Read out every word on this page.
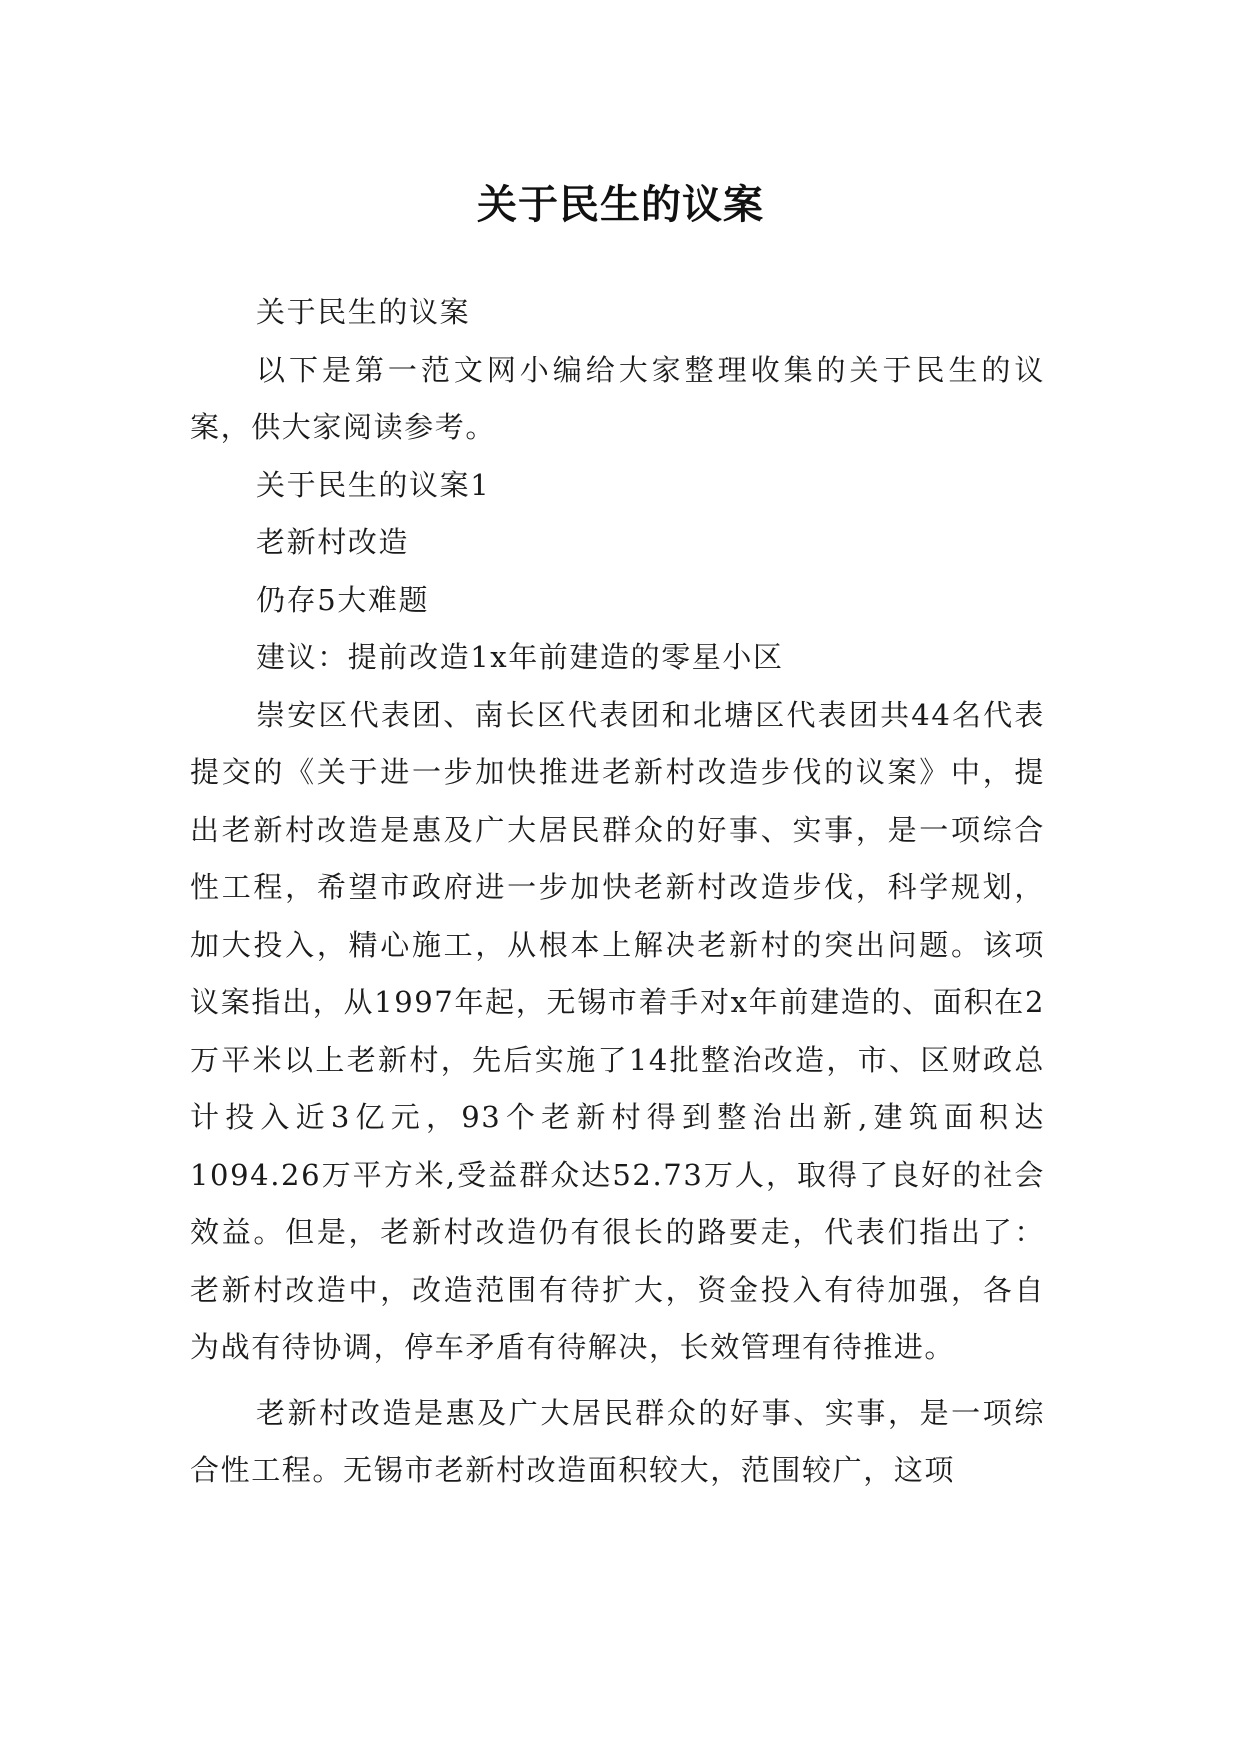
关于民生的议案

关于民生的议案

以下是第一范文网小编给大家整理收集的关于民生的议案，供大家阅读参考。

关于民生的议案1

老新村改造

仍存5大难题

建议：提前改造1x年前建造的零星小区

崇安区代表团、南长区代表团和北塘区代表团共44名代表提交的《关于进一步加快推进老新村改造步伐的议案》中，提出老新村改造是惠及广大居民群众的好事、实事，是一项综合性工程，希望市政府进一步加快老新村改造步伐，科学规划，加大投入，精心施工，从根本上解决老新村的突出问题。该项议案指出，从1997年起，无锡市着手对x年前建造的、面积在2万平米以上老新村，先后实施了14批整治改造，市、区财政总计投入近3亿元，93个老新村得到整治出新,建筑面积达1094.26万平方米,受益群众达52.73万人，取得了良好的社会效益。但是，老新村改造仍有很长的路要走，代表们指出了：老新村改造中，改造范围有待扩大，资金投入有待加强，各自为战有待协调，停车矛盾有待解决，长效管理有待推进。

老新村改造是惠及广大居民群众的好事、实事，是一项综合性工程。无锡市老新村改造面积较大，范围较广，这项
